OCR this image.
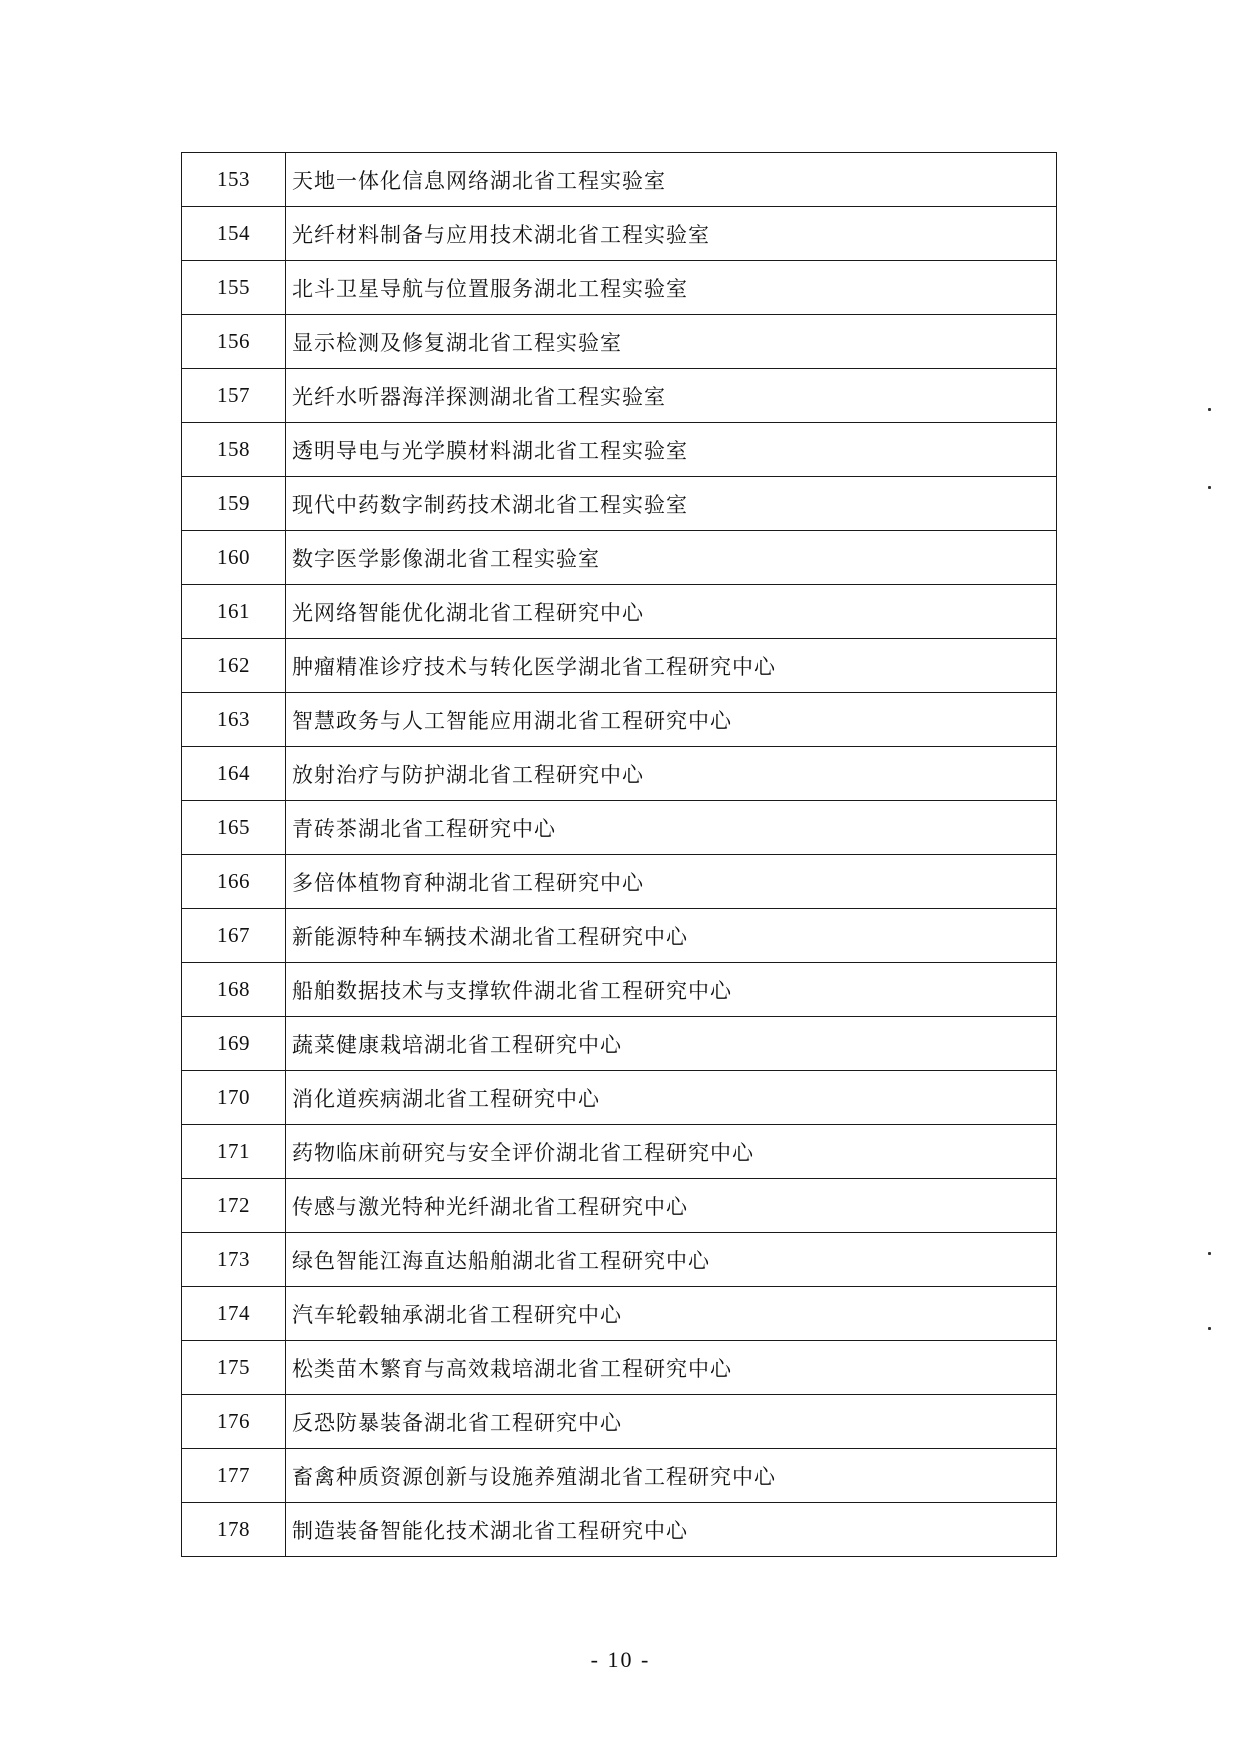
153	天地一体化信息网络湖北省工程实验室
154	光纤材料制备与应用技术湖北省工程实验室
155	北斗卫星导航与位置服务湖北工程实验室
156	显示检测及修复湖北省工程实验室
157	光纤水听器海洋探测湖北省工程实验室
158	透明导电与光学膜材料湖北省工程实验室
159	现代中药数字制药技术湖北省工程实验室
160	数字医学影像湖北省工程实验室
161	光网络智能优化湖北省工程研究中心
162	肿瘤精准诊疗技术与转化医学湖北省工程研究中心
163	智慧政务与人工智能应用湖北省工程研究中心
164	放射治疗与防护湖北省工程研究中心
165	青砖茶湖北省工程研究中心
166	多倍体植物育种湖北省工程研究中心
167	新能源特种车辆技术湖北省工程研究中心
168	船舶数据技术与支撑软件湖北省工程研究中心
169	蔬菜健康栽培湖北省工程研究中心
170	消化道疾病湖北省工程研究中心
171	药物临床前研究与安全评价湖北省工程研究中心
172	传感与激光特种光纤湖北省工程研究中心
173	绿色智能江海直达船舶湖北省工程研究中心
174	汽车轮毂轴承湖北省工程研究中心
175	松类苗木繁育与高效栽培湖北省工程研究中心
176	反恐防暴装备湖北省工程研究中心
177	畜禽种质资源创新与设施养殖湖北省工程研究中心
178	制造装备智能化技术湖北省工程研究中心
- 10 -
